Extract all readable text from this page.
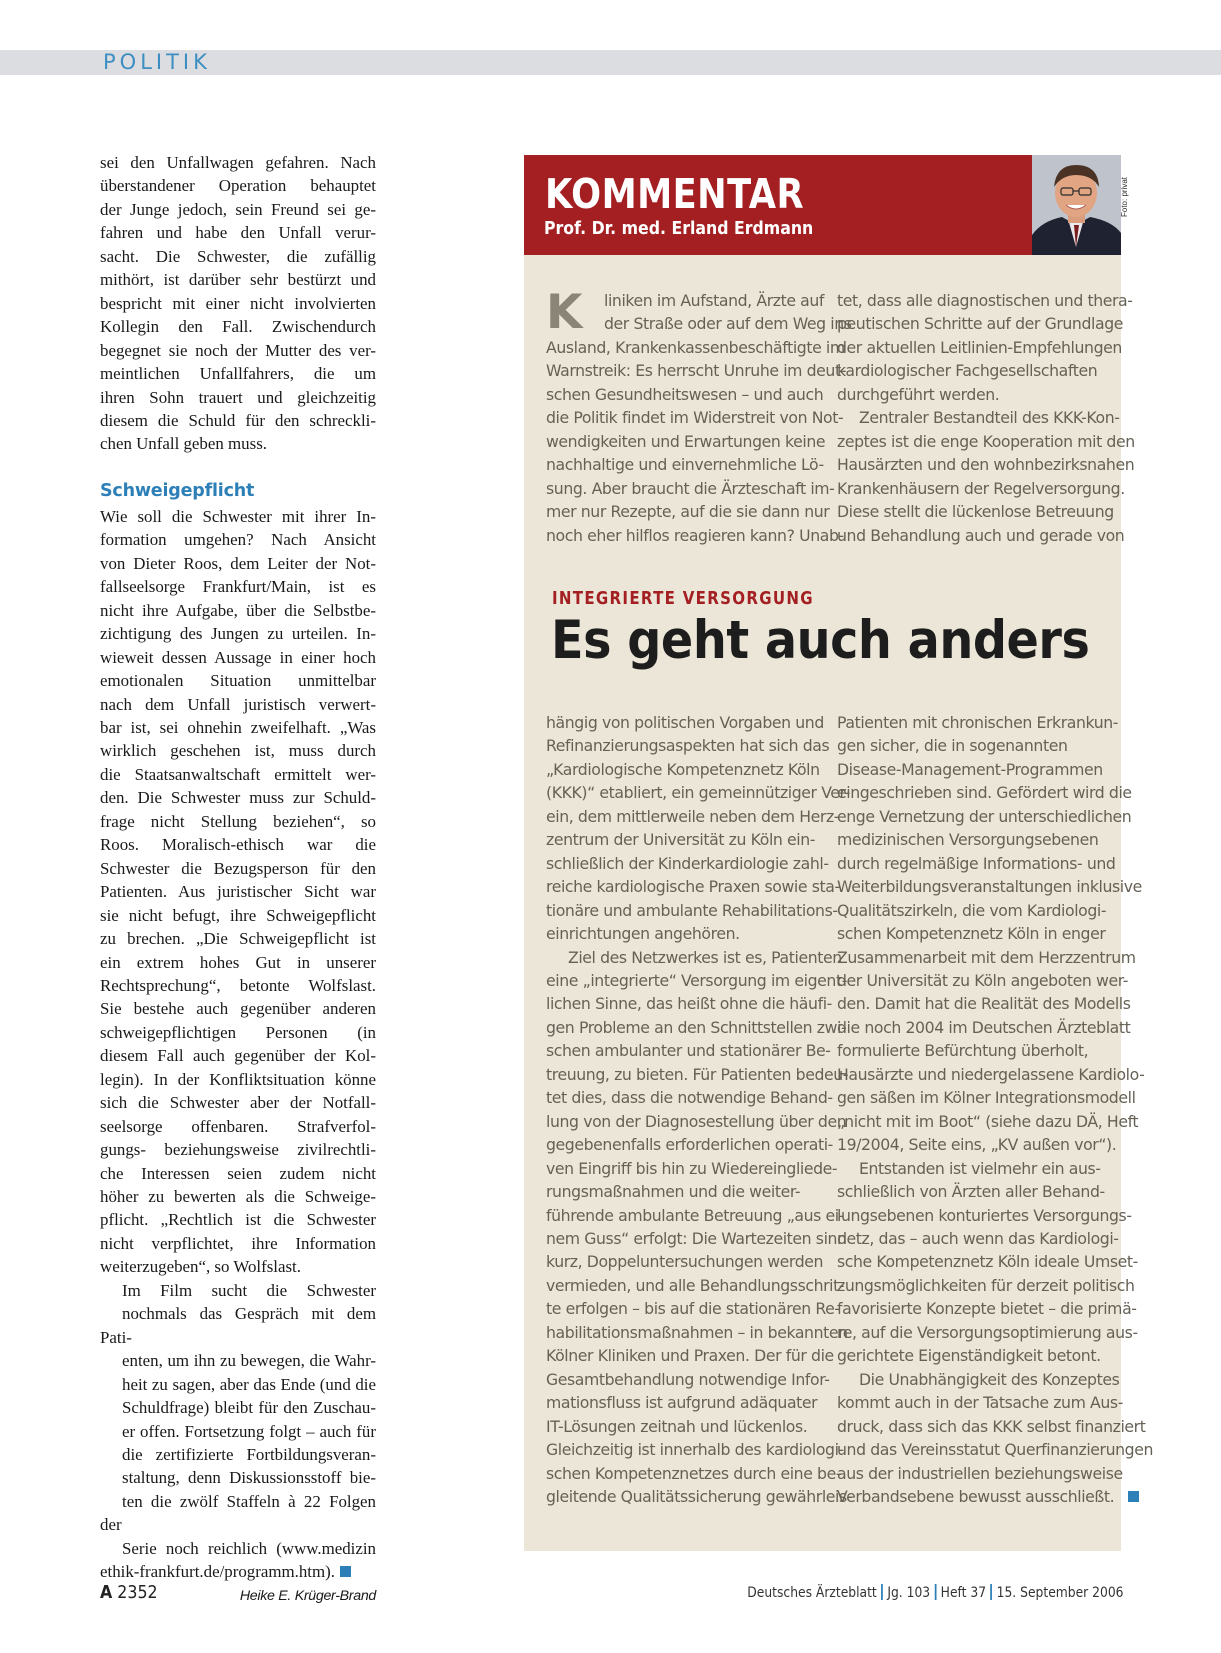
POLITIK

sei den Unfallwagen gefahren. Nach
überstandener Operation behauptet
der Junge jedoch, sein Freund sei ge-
fahren und habe den Unfall verur-
sacht. Die Schwester, die zufällig
mithört, ist darüber sehr bestürzt und
bespricht mit einer nicht involvierten
Kollegin den Fall. Zwischendurch
begegnet sie noch der Mutter des ver-
meintlichen Unfallfahrers, die um
ihren Sohn trauert und gleichzeitig
diesem die Schuld für den schreckli-
chen Unfall geben muss.

Schweigepflicht

Wie soll die Schwester mit ihrer In-
formation umgehen? Nach Ansicht
von Dieter Roos, dem Leiter der Not-
fallseelsorge Frankfurt/Main, ist es
nicht ihre Aufgabe, über die Selbstbe-
zichtigung des Jungen zu urteilen. In-
wieweit dessen Aussage in einer hoch
emotionalen Situation unmittelbar
nach dem Unfall juristisch verwert-
bar ist, sei ohnehin zweifelhaft. „Was
wirklich geschehen ist, muss durch
die Staatsanwaltschaft ermittelt wer-
den. Die Schwester muss zur Schuld-
frage nicht Stellung beziehen“, so
Roos. Moralisch-ethisch war die
Schwester die Bezugsperson für den
Patienten. Aus juristischer Sicht war
sie nicht befugt, ihre Schweigepflicht
zu brechen. „Die Schweigepflicht ist
ein extrem hohes Gut in unserer
Rechtsprechung“, betonte Wolfslast.
Sie bestehe auch gegenüber anderen
schweigepflichtigen Personen (in
diesem Fall auch gegenüber der Kol-
legin). In der Konfliktsituation könne
sich die Schwester aber der Notfall-
seelsorge offenbaren. Strafverfol-
gungs- beziehungsweise zivilrechtli-
che Interessen seien zudem nicht
höher zu bewerten als die Schweige-
pflicht. „Rechtlich ist die Schwester
nicht verpflichtet, ihre Information
weiterzugeben“, so Wolfslast.

Im Film sucht die Schwester
nochmals das Gespräch mit dem Pati-
enten, um ihn zu bewegen, die Wahr-
heit zu sagen, aber das Ende (und die
Schuldfrage) bleibt für den Zuschau-
er offen. Fortsetzung folgt – auch für
die zertifizierte Fortbildungsveran-
staltung, denn Diskussionsstoff bie-
ten die zwölf Staffeln à 22 Folgen der
Serie noch reichlich (www.medizin
ethik-frankfurt.de/programm.htm).

Heike E. Krüger-Brand
KOMMENTAR
Prof. Dr. med. Erland Erdmann
Foto: privat
K	liniken im Aufstand, Ärzte auf
der Straße oder auf dem Weg ins
Ausland, Krankenkassenbeschäftigte im
Warnstreik: Es herrscht Unruhe im deut-
schen Gesundheitswesen – und auch
die Politik findet im Widerstreit von Not-
wendigkeiten und Erwartungen keine
nachhaltige und einvernehmliche Lö-
sung. Aber braucht die Ärzteschaft im-
mer nur Rezepte, auf die sie dann nur
noch eher hilflos reagieren kann? Unab-
tet, dass alle diagnostischen und thera-
peutischen Schritte auf der Grundlage
der aktuellen Leitlinien-Empfehlungen
kardiologischer Fachgesellschaften
durchgeführt werden.
Zentraler Bestandteil des KKK-Kon-
zeptes ist die enge Kooperation mit den
Hausärzten und den wohnbezirksnahen
Krankenhäusern der Regelversorgung.
Diese stellt die lückenlose Betreuung
und Behandlung auch und gerade von
INTEGRIERTE VERSORGUNG
Es geht auch anders
hängig von politischen Vorgaben und
Refinanzierungsaspekten hat sich das
„Kardiologische Kompetenznetz Köln
(KKK)“ etabliert, ein gemeinnütziger Ver-
ein, dem mittlerweile neben dem Herz-
zentrum der Universität zu Köln ein-
schließlich der Kinderkardiologie zahl-
reiche kardiologische Praxen sowie sta-
tionäre und ambulante Rehabilitations-
einrichtungen angehören.
Ziel des Netzwerkes ist es, Patienten
eine „integrierte“ Versorgung im eigent-
lichen Sinne, das heißt ohne die häufi-
gen Probleme an den Schnittstellen zwi-
schen ambulanter und stationärer Be-
treuung, zu bieten. Für Patienten bedeu-
tet dies, dass die notwendige Behand-
lung von der Diagnosestellung über den
gegebenenfalls erforderlichen operati-
ven Eingriff bis hin zu Wiedereingliede-
rungsmaßnahmen und die weiter-
führende ambulante Betreuung „aus ei-
nem Guss“ erfolgt: Die Wartezeiten sind
kurz, Doppeluntersuchungen werden
vermieden, und alle Behandlungsschrit-
te erfolgen – bis auf die stationären Re-
habilitationsmaßnahmen – in bekannten
Kölner Kliniken und Praxen. Der für die
Gesamtbehandlung notwendige Infor-
mationsfluss ist aufgrund adäquater
IT-Lösungen zeitnah und lückenlos.
Gleichzeitig ist innerhalb des kardiologi-
schen Kompetenznetzes durch eine be-
gleitende Qualitätssicherung gewährleis-
Patienten mit chronischen Erkrankun-
gen sicher, die in sogenannten
Disease-Management-Programmen
eingeschrieben sind. Gefördert wird die
enge Vernetzung der unterschiedlichen
medizinischen Versorgungsebenen
durch regelmäßige Informations- und
Weiterbildungsveranstaltungen inklusive
Qualitätszirkeln, die vom Kardiologi-
schen Kompetenznetz Köln in enger
Zusammenarbeit mit dem Herzzentrum
der Universität zu Köln angeboten wer-
den. Damit hat die Realität des Modells
die noch 2004 im Deutschen Ärzteblatt
formulierte Befürchtung überholt,
Hausärzte und niedergelassene Kardiolo-
gen säßen im Kölner Integrationsmodell
„nicht mit im Boot“ (siehe dazu DÄ, Heft
19/2004, Seite eins, „KV außen vor“).
Entstanden ist vielmehr ein aus-
schließlich von Ärzten aller Behand-
lungsebenen konturiertes Versorgungs-
netz, das – auch wenn das Kardiologi-
sche Kompetenznetz Köln ideale Umset-
zungsmöglichkeiten für derzeit politisch
favorisierte Konzepte bietet – die primä-
re, auf die Versorgungsoptimierung aus-
gerichtete Eigenständigkeit betont.
Die Unabhängigkeit des Konzeptes
kommt auch in der Tatsache zum Aus-
druck, dass sich das KKK selbst finanziert
und das Vereinsstatut Querfinanzierungen
aus der industriellen beziehungsweise
Verbandsebene bewusst ausschließt.
A 2352	Deutsches Ärzteblatt Jg. 103 Heft 37 15. September 2006
